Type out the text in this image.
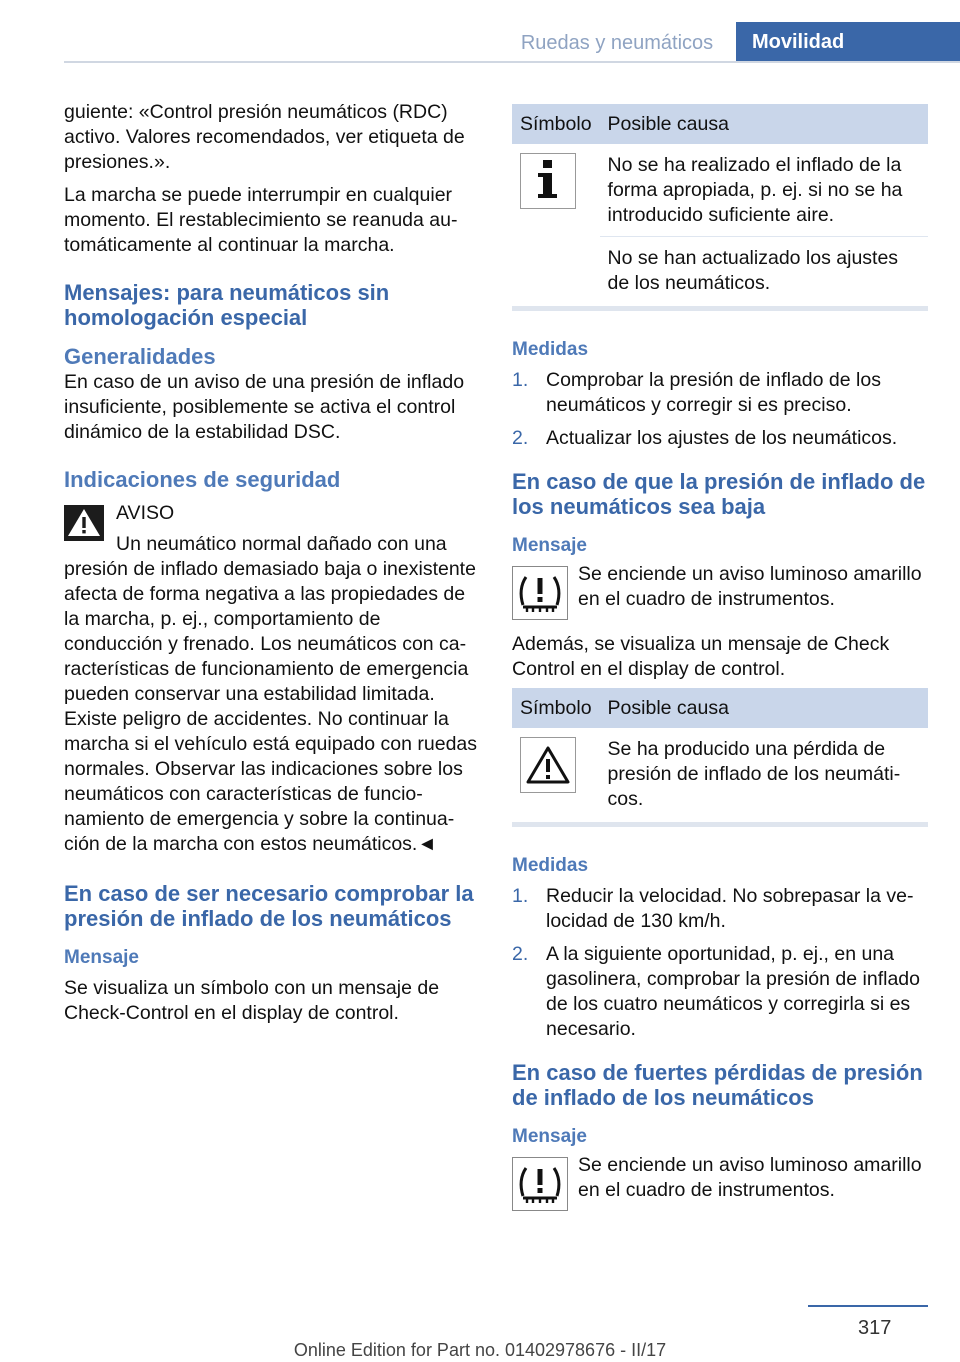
Ruedas y neumáticos	Movilidad

guiente: «Control presión neumáticos (RDC) activo. Valores recomendados, ver etiqueta de presiones.».

La marcha se puede interrumpir en cualquier momento. El restablecimiento se reanuda automáticamente al continuar la marcha.

Mensajes: para neumáticos sin homologación especial
Generalidades

En caso de un aviso de una presión de inflado insuficiente, posiblemente se activa el control dinámico de la estabilidad DSC.

Indicaciones de seguridad
AVISO
Un neumático normal dañado con una
presión de inflado demasiado baja o inexistente afecta de forma negativa a las propiedades de la marcha, p. ej., comportamiento de conducción y frenado. Los neumáticos con características de funcionamiento de emergencia pueden conservar una estabilidad limitada. Existe peligro de accidentes. No continuar la marcha si el vehículo está equipado con ruedas normales. Observar las indicaciones sobre los neumáticos con características de funcionamiento de emergencia y sobre la continuación de la marcha con estos neumáticos.◄
En caso de ser necesario comprobar la presión de inflado de los neumáticos
Mensaje

Se visualiza un símbolo con un mensaje de Check-Control en el display de control.

Símbolo	Posible causa

	No se ha realizado el inflado de la forma apropiada, p. ej. si no se ha introducido suficiente aire.
	No se han actualizado los ajustes de los neumáticos.
Medidas
1. Comprobar la presión de inflado de los neumáticos y corregir si es preciso.
2. Actualizar los ajustes de los neumáticos.
En caso de que la presión de inflado de los neumáticos sea baja
Mensaje
Se enciende un aviso luminoso amarillo en el cuadro de instrumentos.

Además, se visualiza un mensaje de Check Control en el display de control.

Símbolo	Posible causa

	Se ha producido una pérdida de presión de inflado de los neumáticos.
Medidas
1. Reducir la velocidad. No sobrepasar la velocidad de 130 km/h.
2. A la siguiente oportunidad, p. ej., en una gasolinera, comprobar la presión de inflado de los cuatro neumáticos y corregirla si es necesario.
En caso de fuertes pérdidas de presión de inflado de los neumáticos
Mensaje
Se enciende un aviso luminoso amarillo en el cuadro de instrumentos.
317
Online Edition for Part no. 01402978676 - II/17
